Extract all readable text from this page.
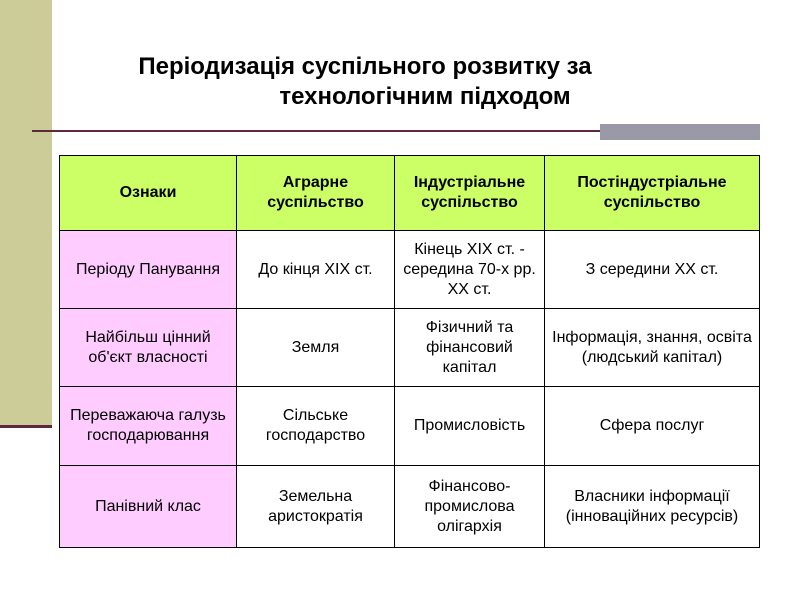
Періодизація суспільного розвитку за
технологічним підходом
Ознаки	Аграрне суспільство	Індустріальне суспільство	Постіндустріальне суспільство
Періоду Панування	До кінця XIX ст.	Кінець XIX ст. - середина 70-х рр. XX ст.	З середини XX ст.
Найбільш цінний об'єкт власності	Земля	Фізичний та фінансовий капітал	Інформація, знання, освіта (людський капітал)
Переважаюча галузь господарювання	Сільське господарство	Промисловість	Сфера послуг
Панівний клас	Земельна аристократія	Фінансово-промислова олігархія	Власники інформації (інноваційних ресурсів)
